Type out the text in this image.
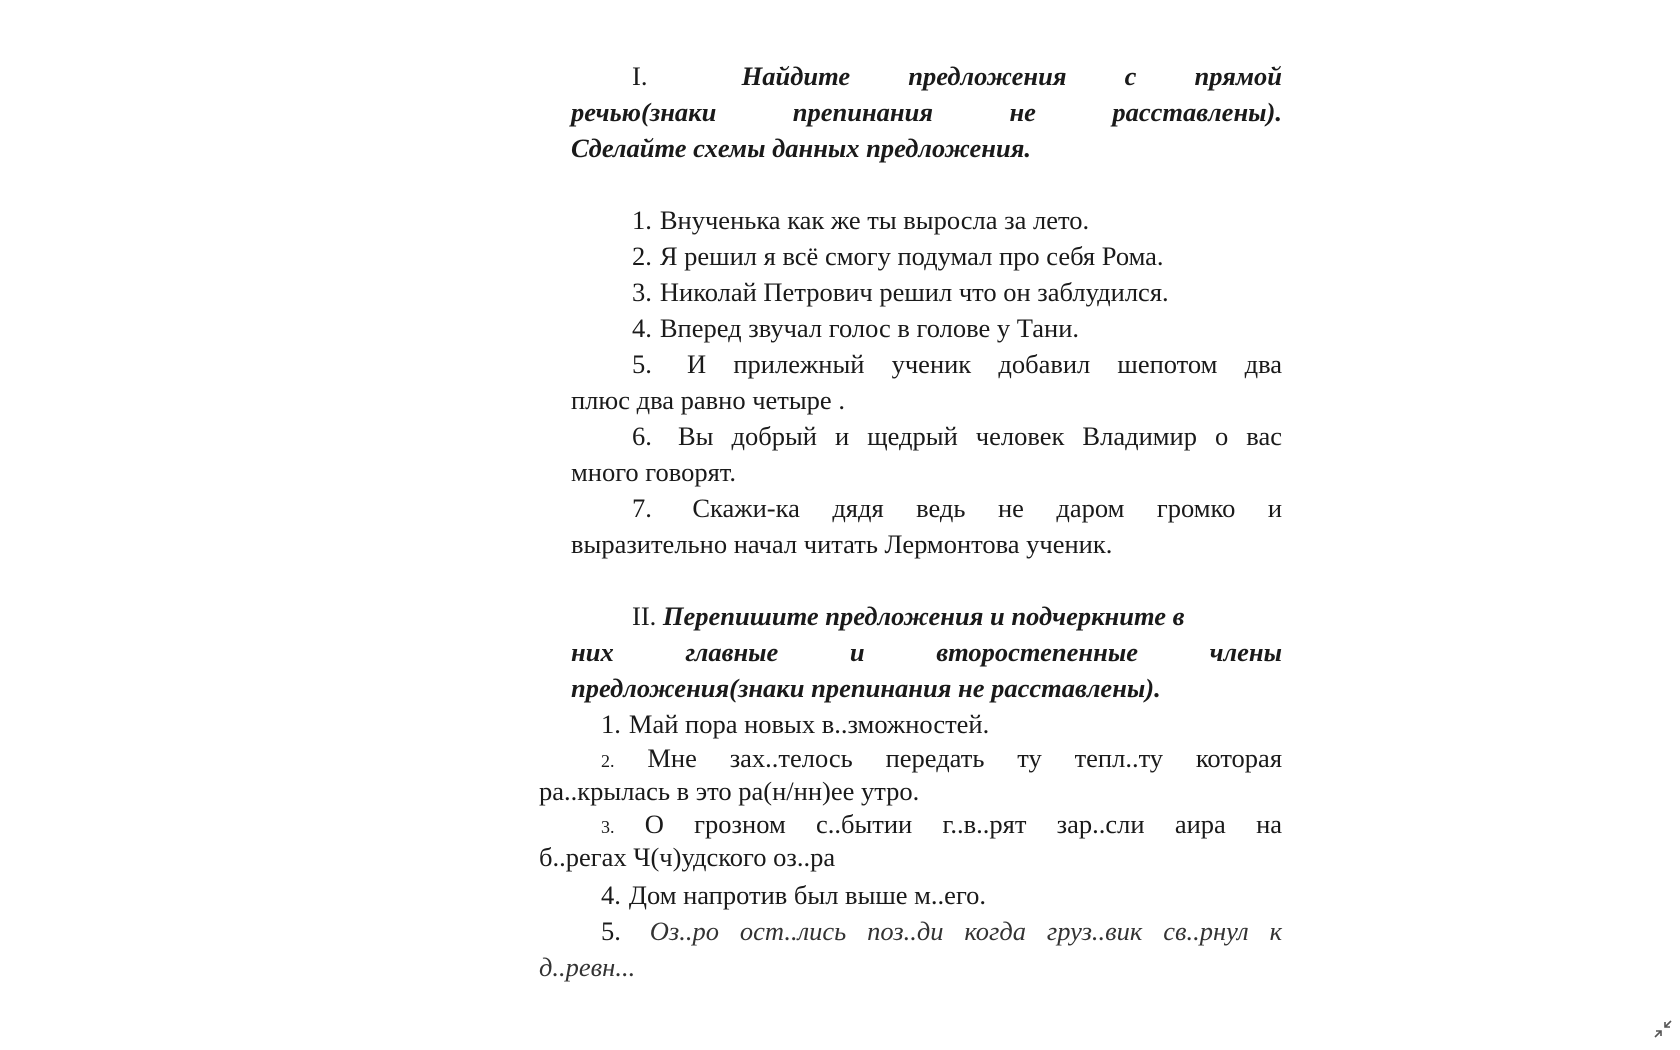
I.	Найдите предложения с прямой
речью(знаки препинания не расставлены).
Сделайте схемы данных предложения.
1. Внученька как же ты выросла за лето.
2. Я решил я всё смогу подумал про себя Рома.
3. Николай Петрович решил что он заблудился.
4. Вперед звучал голос в голове у Тани.
5. И прилежный ученик добавил шепотом два
плюс два равно четыре .
6. Вы добрый и щедрый человек Владимир о вас
много говорят.
7. Скажи-ка дядя ведь не даром громко и
выразительно начал читать Лермонтова ученик.
II. Перепишите предложения и подчеркните в
них главные и второстепенные члены
предложения(знаки препинания не расставлены).
1. Май пора новых в..зможностей.
2. Мне зах..телось передать ту тепл..ту которая
ра..крылась в это ра(н/нн)ее утро.
3. О грозном с..бытии г..в..рят зар..сли аира на
б..регах Ч(ч)удского оз..ра
4. Дом напротив был выше м..его.
5. Оз..ро ост..лись поз..ди когда груз..вик св..рнул к
д..ревн...
